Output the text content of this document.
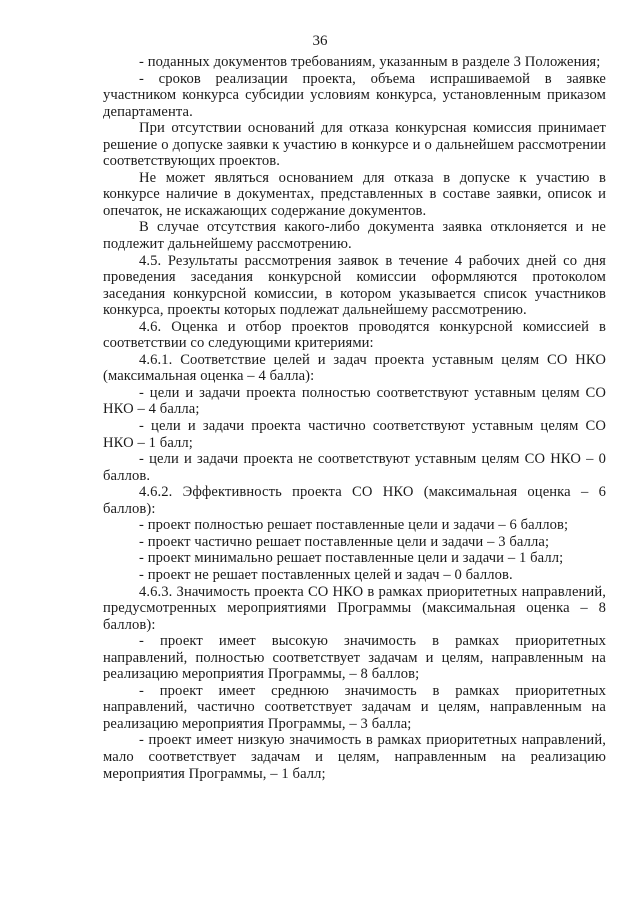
36

- поданных документов требованиям, указанным в разделе 3 Положения;

- сроков реализации проекта, объема испрашиваемой в заявке участником конкурса субсидии условиям конкурса, установленным приказом департамента.

При отсутствии оснований для отказа конкурсная комиссия принимает решение о допуске заявки к участию в конкурсе и о дальнейшем рассмотрении соответствующих проектов.

Не может являться основанием для отказа в допуске к участию в конкурсе наличие в документах, представленных в составе заявки, описок и опечаток, не искажающих содержание документов.

В случае отсутствия какого-либо документа заявка отклоняется и не подлежит дальнейшему рассмотрению.

4.5. Результаты рассмотрения заявок в течение 4 рабочих дней со дня проведения заседания конкурсной комиссии оформляются протоколом заседания конкурсной комиссии, в котором указывается список участников конкурса, проекты которых подлежат дальнейшему рассмотрению.

4.6. Оценка и отбор проектов проводятся конкурсной комиссией в соответствии со следующими критериями:

4.6.1. Соответствие целей и задач проекта уставным целям СО НКО (максимальная оценка – 4 балла):

- цели и задачи проекта полностью соответствуют уставным целям СО НКО – 4 балла;

- цели и задачи проекта частично соответствуют уставным целям СО НКО – 1 балл;

- цели и задачи проекта не соответствуют уставным целям СО НКО – 0 баллов.

4.6.2. Эффективность проекта СО НКО (максимальная оценка – 6 баллов):

- проект полностью решает поставленные цели и задачи – 6 баллов;

- проект частично решает поставленные цели и задачи – 3 балла;

- проект минимально решает поставленные цели и задачи – 1 балл;

- проект не решает поставленных целей и задач – 0 баллов.

4.6.3. Значимость проекта СО НКО в рамках приоритетных направлений, предусмотренных мероприятиями Программы (максимальная оценка – 8 баллов):

- проект имеет высокую значимость в рамках приоритетных направлений, полностью соответствует задачам и целям, направленным на реализацию мероприятия Программы, – 8 баллов;

- проект имеет среднюю значимость в рамках приоритетных направлений, частично соответствует задачам и целям, направленным на реализацию мероприятия Программы, – 3 балла;

- проект имеет низкую значимость в рамках приоритетных направлений, мало соответствует задачам и целям, направленным на реализацию мероприятия Программы, – 1 балл;
